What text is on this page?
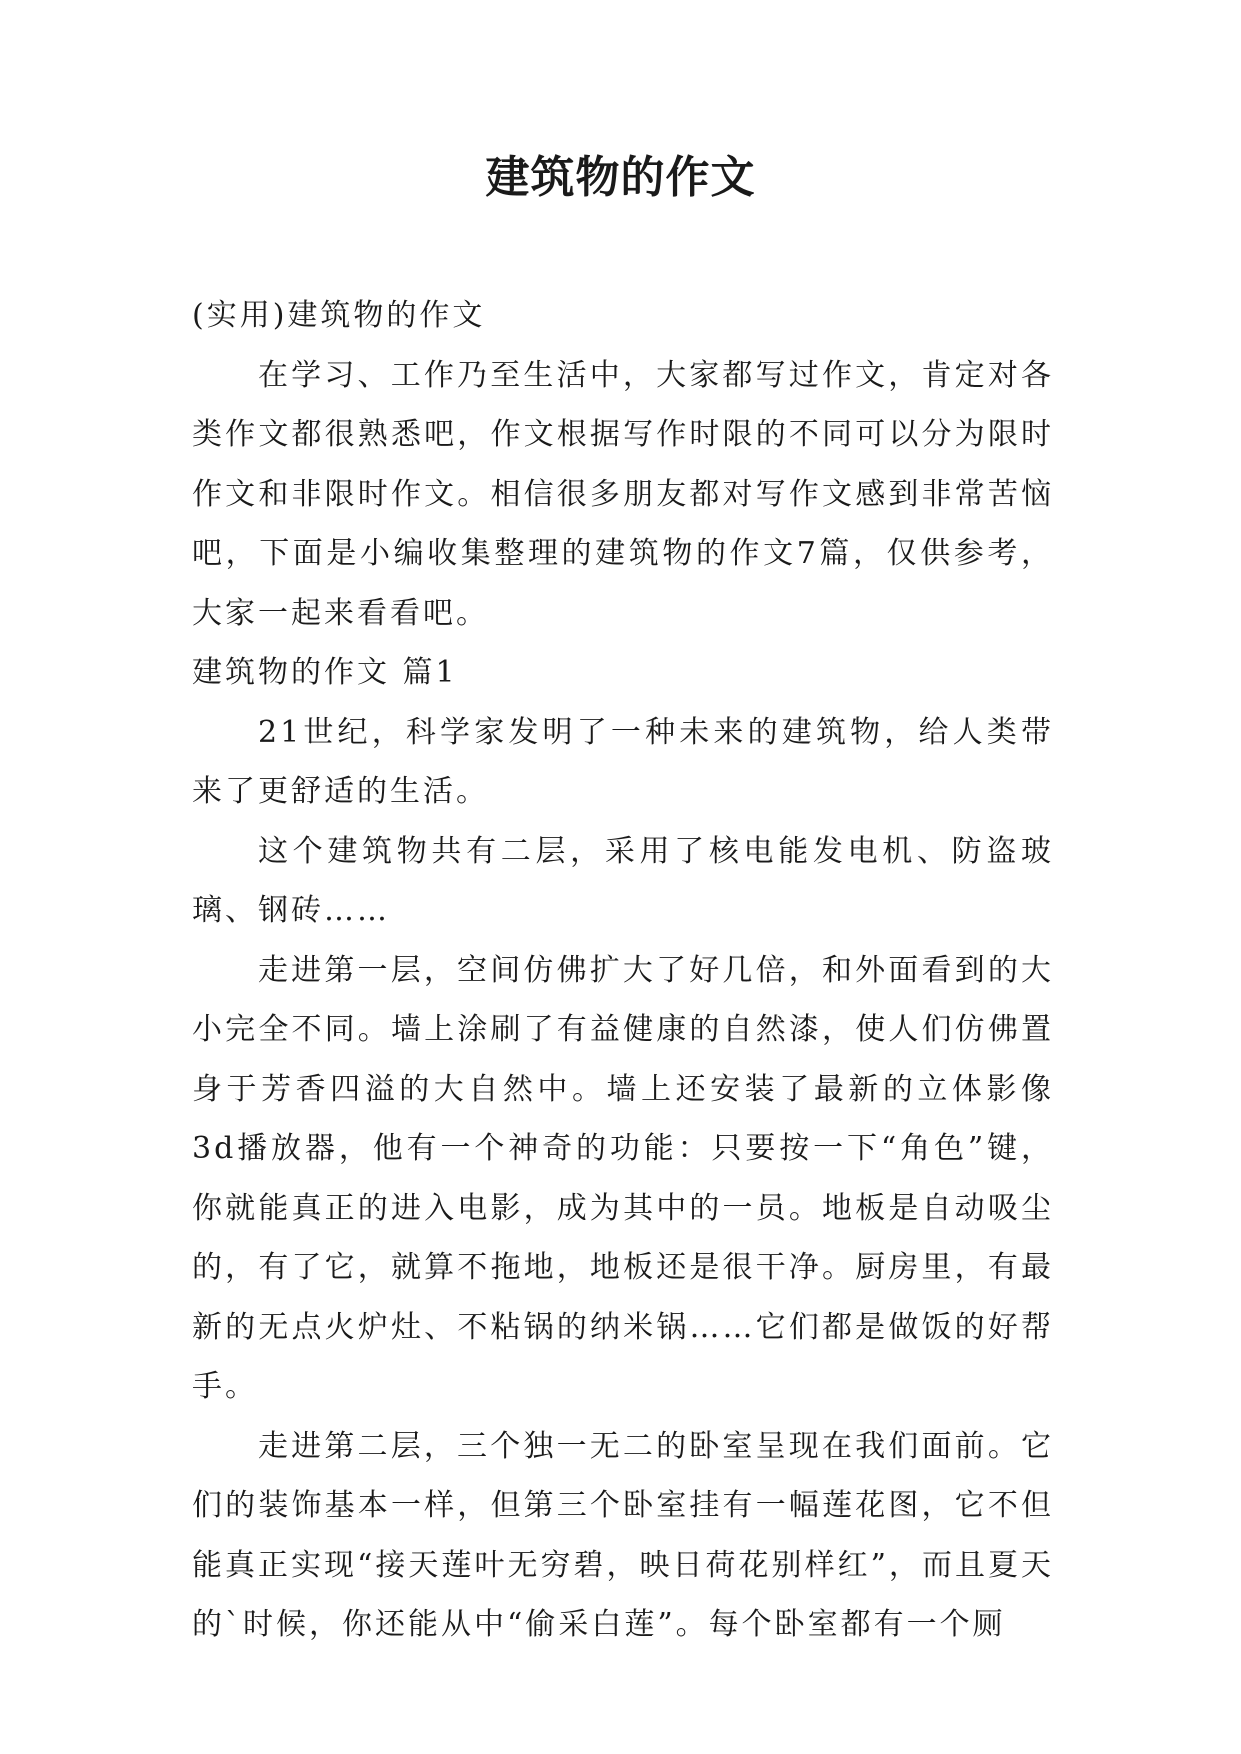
建筑物的作文

(实用)建筑物的作文

在学习、工作乃至生活中，大家都写过作文，肯定对各类作文都很熟悉吧，作文根据写作时限的不同可以分为限时作文和非限时作文。相信很多朋友都对写作文感到非常苦恼吧，下面是小编收集整理的建筑物的作文7篇，仅供参考，大家一起来看看吧。

建筑物的作文 篇1

21世纪，科学家发明了一种未来的建筑物，给人类带来了更舒适的生活。

这个建筑物共有二层，采用了核电能发电机、防盗玻璃、钢砖……

走进第一层，空间仿佛扩大了好几倍，和外面看到的大小完全不同。墙上涂刷了有益健康的自然漆，使人们仿佛置身于芳香四溢的大自然中。墙上还安装了最新的立体影像3d播放器，他有一个神奇的功能：只要按一下“角色”键，你就能真正的进入电影，成为其中的一员。地板是自动吸尘的，有了它，就算不拖地，地板还是很干净。厨房里，有最新的无点火炉灶、不粘锅的纳米锅……它们都是做饭的好帮手。

走进第二层，三个独一无二的卧室呈现在我们面前。它们的装饰基本一样，但第三个卧室挂有一幅莲花图，它不但能真正实现“接天莲叶无穷碧，映日荷花别样红”，而且夏天的`时候，你还能从中“偷采白莲”。每个卧室都有一个厕
